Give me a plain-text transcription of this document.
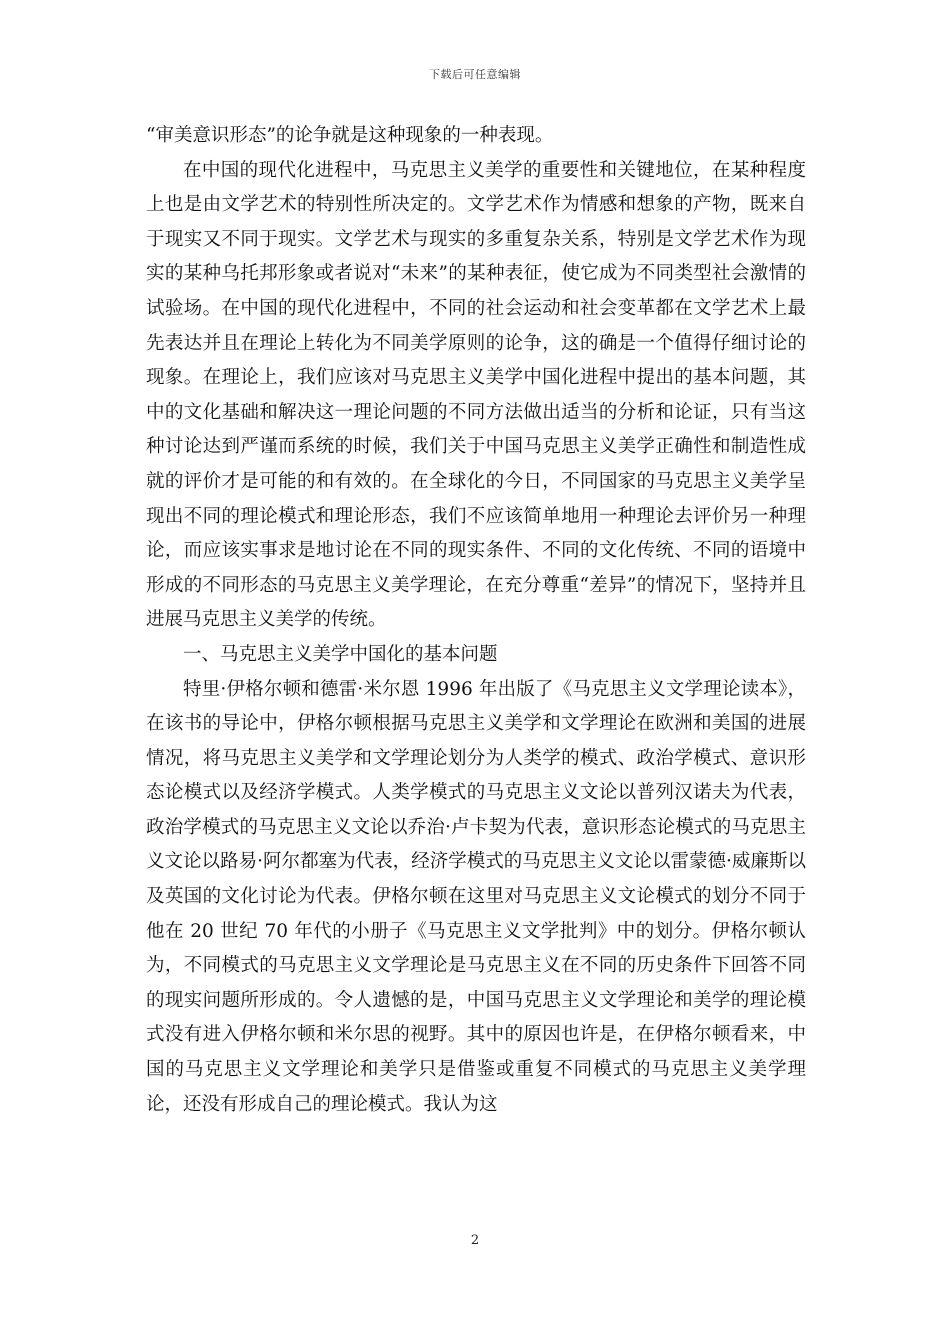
下载后可任意编辑

“审美意识形态”的论争就是这种现象的一种表现。

在中国的现代化进程中，马克思主义美学的重要性和关键地位，在某种程度上也是由文学艺术的特别性所决定的。文学艺术作为情感和想象的产物，既来自于现实又不同于现实。文学艺术与现实的多重复杂关系，特别是文学艺术作为现实的某种乌托邦形象或者说对“未来”的某种表征，使它成为不同类型社会激情的试验场。在中国的现代化进程中，不同的社会运动和社会变革都在文学艺术上最先表达并且在理论上转化为不同美学原则的论争，这的确是一个值得仔细讨论的现象。在理论上，我们应该对马克思主义美学中国化进程中提出的基本问题，其中的文化基础和解决这一理论问题的不同方法做出适当的分析和论证，只有当这种讨论达到严谨而系统的时候，我们关于中国马克思主义美学正确性和制造性成就的评价才是可能的和有效的。在全球化的今日，不同国家的马克思主义美学呈现出不同的理论模式和理论形态，我们不应该简单地用一种理论去评价另一种理论，而应该实事求是地讨论在不同的现实条件、不同的文化传统、不同的语境中形成的不同形态的马克思主义美学理论，在充分尊重“差异”的情况下，坚持并且进展马克思主义美学的传统。

一、马克思主义美学中国化的基本问题

特里·伊格尔顿和德雷·米尔恩 1996 年出版了《马克思主义文学理论读本》，在该书的导论中，伊格尔顿根据马克思主义美学和文学理论在欧洲和美国的进展情况，将马克思主义美学和文学理论划分为人类学的模式、政治学模式、意识形态论模式以及经济学模式。人类学模式的马克思主义文论以普列汉诺夫为代表，政治学模式的马克思主义文论以乔治·卢卡契为代表，意识形态论模式的马克思主义文论以路易·阿尔都塞为代表，经济学模式的马克思主义文论以雷蒙德·威廉斯以及英国的文化讨论为代表。伊格尔顿在这里对马克思主义文论模式的划分不同于他在 20 世纪 70 年代的小册子《马克思主义文学批判》中的划分。伊格尔顿认为，不同模式的马克思主义文学理论是马克思主义在不同的历史条件下回答不同的现实问题所形成的。令人遗憾的是，中国马克思主义文学理论和美学的理论模式没有进入伊格尔顿和米尔思的视野。其中的原因也许是，在伊格尔顿看来，中国的马克思主义文学理论和美学只是借鉴或重复不同模式的马克思主义美学理论，还没有形成自己的理论模式。我认为这

2
